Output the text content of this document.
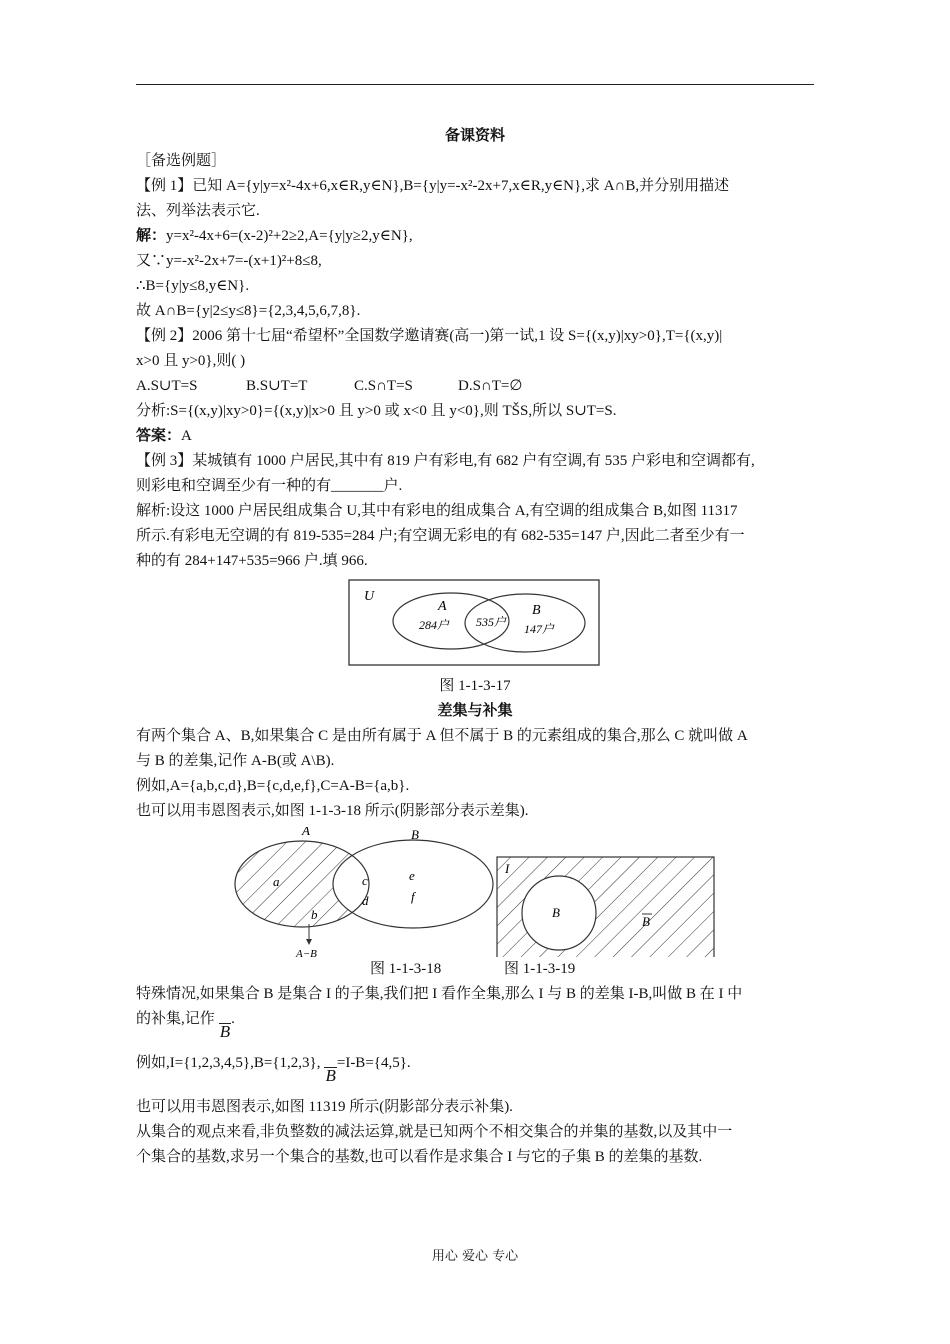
备课资料

［备选例题］

【例 1】已知 A={y|y=x²-4x+6,x∈R,y∈N},B={y|y=-x²-2x+7,x∈R,y∈N},求 A∩B,并分别用描述

法、列举法表示它.

解：y=x²-4x+6=(x-2)²+2≥2,A={y|y≥2,y∈N},

又∵y=-x²-2x+7=-(x+1)²+8≤8,

∴B={y|y≤8,y∈N}.

故 A∩B={y|2≤y≤8}={2,3,4,5,6,7,8}.

【例 2】2006 第十七届“希望杯”全国数学邀请赛(高一)第一试,1 设 S={(x,y)|xy>0},T={(x,y)|

x>0 且 y>0},则( )

A.S∪T=S	B.S∪T=T	C.S∩T=S	D.S∩T=∅

分析:S={(x,y)|xy>0}={(x,y)|x>0 且 y>0 或 x<0 且 y<0},则 TŠS,所以 S∪T=S.

答案：A

【例 3】某城镇有 1000 户居民,其中有 819 户有彩电,有 682 户有空调,有 535 户彩电和空调都有,

则彩电和空调至少有一种的有_______户.

解析:设这 1000 户居民组成集合 U,其中有彩电的组成集合 A,有空调的组成集合 B,如图 11317

所示.有彩电无空调的有 819-535=284 户;有空调无彩电的有 682-535=147 户,因此二者至少有一

种的有 284+147+535=966 户.填 966.

U
A
284户 535户
B
147户

图 1-1-3-17

差集与补集

有两个集合 A、B,如果集合 C 是由所有属于 A 但不属于 B 的元素组成的集合,那么 C 就叫做 A

与 B 的差集,记作 A-B(或 A\B).

例如,A={a,b,c,d},B={c,d,e,f},C=A-B={a,b}.

也可以用韦恩图表示,如图 1-1-3-18 所示(阴影部分表示差集).

A	B
a
b
c
d
e
f
A−B
I
B
B
图 1-1-3-18	图 1-1-3-19

特殊情况,如果集合 B 是集合 I 的子集,我们把 I 看作全集,那么 I 与 B 的差集 I-B,叫做 B 在 I 中

的补集,记作B.

例如,I={1,2,3,4,5},B={1,2,3},B=I-B={4,5}.

也可以用韦恩图表示,如图 11319 所示(阴影部分表示补集).

从集合的观点来看,非负整数的减法运算,就是已知两个不相交集合的并集的基数,以及其中一

个集合的基数,求另一个集合的基数,也可以看作是求集合 I 与它的子集 B 的差集的基数.

用心 爱心 专心
